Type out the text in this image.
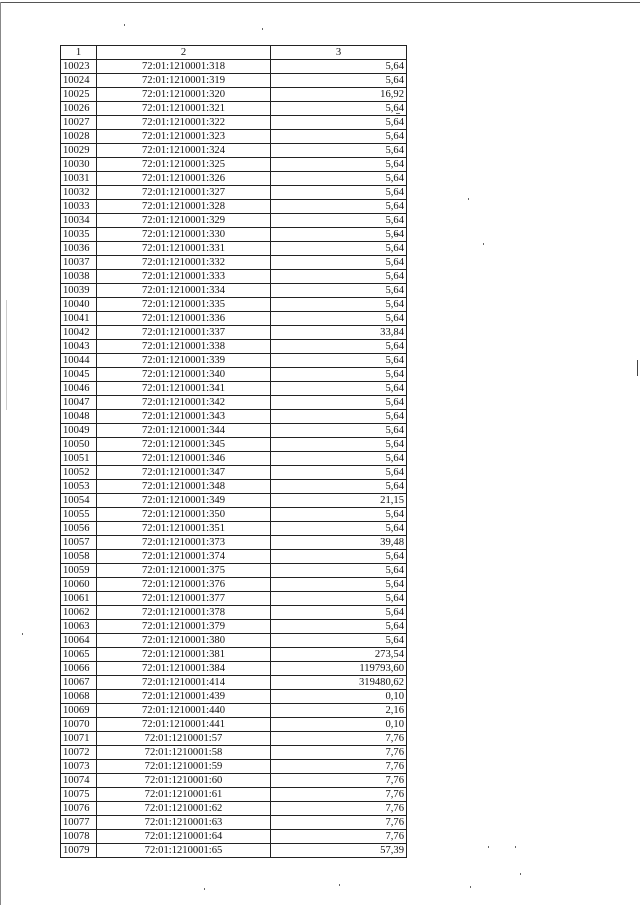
1	2	3
10023	72:01:1210001:318	5,64
10024	72:01:1210001:319	5,64
10025	72:01:1210001:320	16,92
10026	72:01:1210001:321	5,64
10027	72:01:1210001:322	5,64
10028	72:01:1210001:323	5,64
10029	72:01:1210001:324	5,64
10030	72:01:1210001:325	5,64
10031	72:01:1210001:326	5,64
10032	72:01:1210001:327	5,64
10033	72:01:1210001:328	5,64
10034	72:01:1210001:329	5,64
10035	72:01:1210001:330	5,64
10036	72:01:1210001:331	5,64
10037	72:01:1210001:332	5,64
10038	72:01:1210001:333	5,64
10039	72:01:1210001:334	5,64
10040	72:01:1210001:335	5,64
10041	72:01:1210001:336	5,64
10042	72:01:1210001:337	33,84
10043	72:01:1210001:338	5,64
10044	72:01:1210001:339	5,64
10045	72:01:1210001:340	5,64
10046	72:01:1210001:341	5,64
10047	72:01:1210001:342	5,64
10048	72:01:1210001:343	5,64
10049	72:01:1210001:344	5,64
10050	72:01:1210001:345	5,64
10051	72:01:1210001:346	5,64
10052	72:01:1210001:347	5,64
10053	72:01:1210001:348	5,64
10054	72:01:1210001:349	21,15
10055	72:01:1210001:350	5,64
10056	72:01:1210001:351	5,64
10057	72:01:1210001:373	39,48
10058	72:01:1210001:374	5,64
10059	72:01:1210001:375	5,64
10060	72:01:1210001:376	5,64
10061	72:01:1210001:377	5,64
10062	72:01:1210001:378	5,64
10063	72:01:1210001:379	5,64
10064	72:01:1210001:380	5,64
10065	72:01:1210001:381	273,54
10066	72:01:1210001:384	119793,60
10067	72:01:1210001:414	319480,62
10068	72:01:1210001:439	0,10
10069	72:01:1210001:440	2,16
10070	72:01:1210001:441	0,10
10071	72:01:1210001:57	7,76
10072	72:01:1210001:58	7,76
10073	72:01:1210001:59	7,76
10074	72:01:1210001:60	7,76
10075	72:01:1210001:61	7,76
10076	72:01:1210001:62	7,76
10077	72:01:1210001:63	7,76
10078	72:01:1210001:64	7,76
10079	72:01:1210001:65	57,39
